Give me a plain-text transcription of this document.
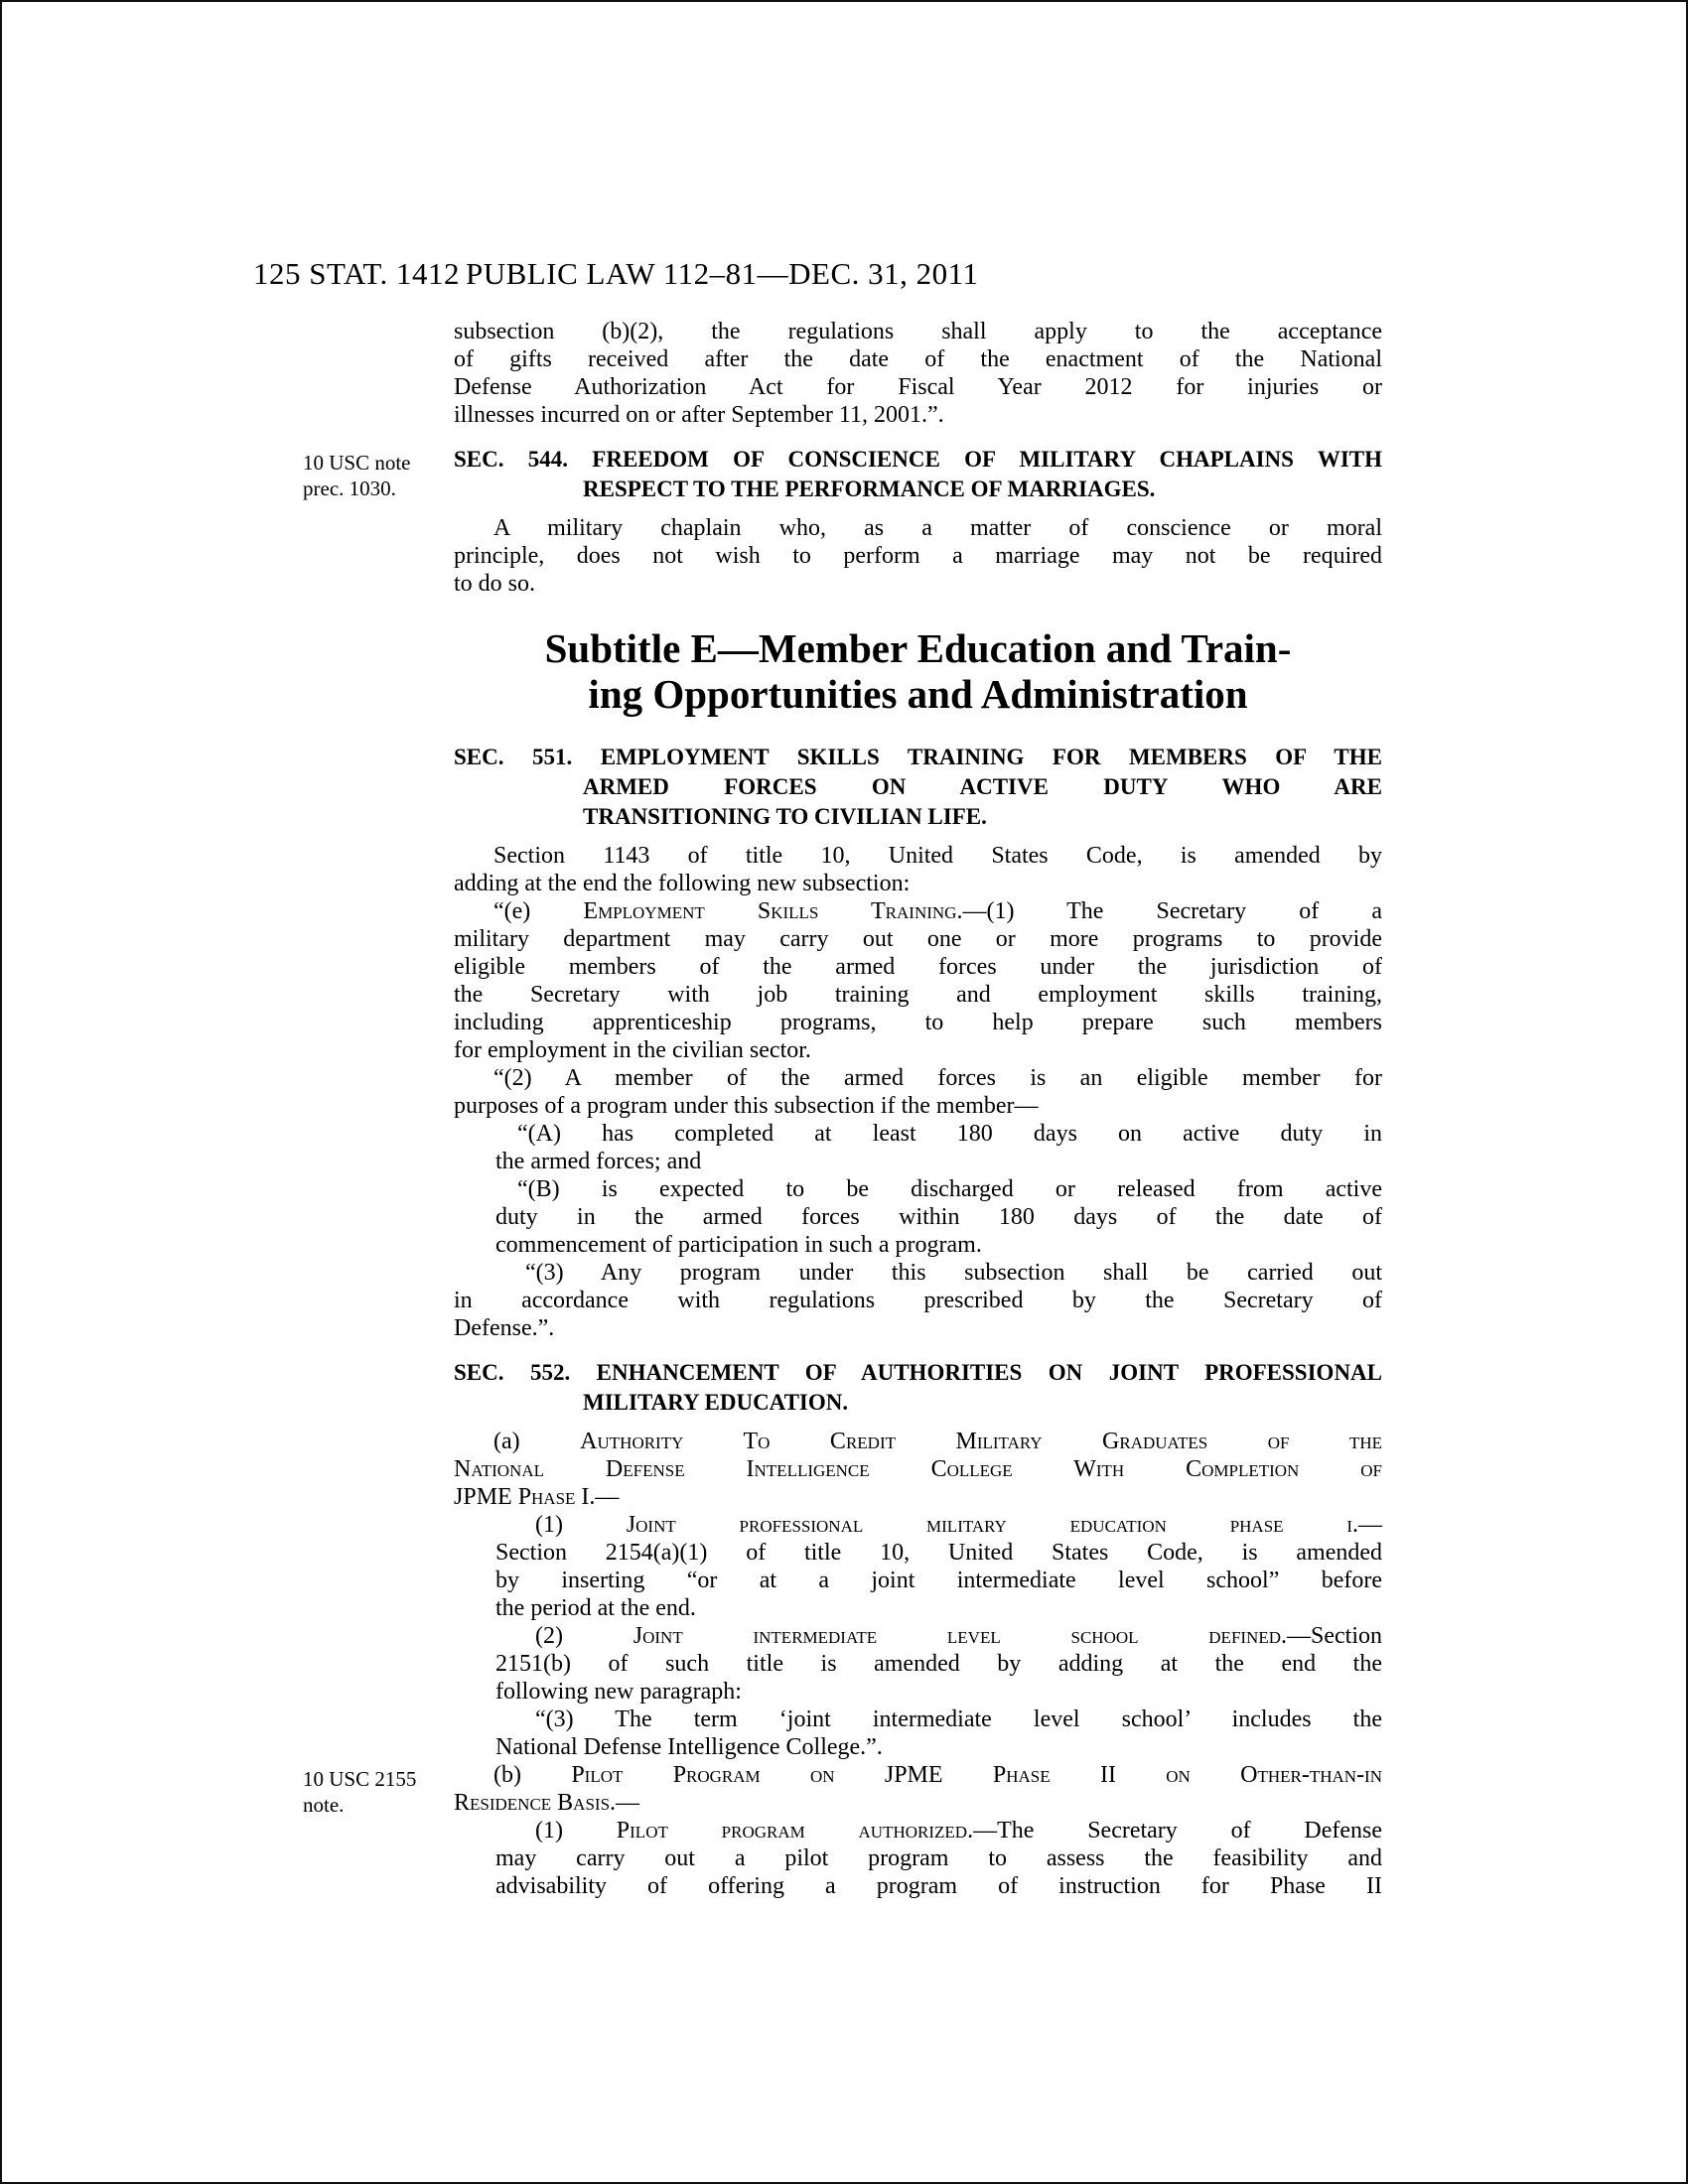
125 STAT. 1412 PUBLIC LAW 112–81—DEC. 31, 2011
subsection (b)(2), the regulations shall apply to the acceptance
of gifts received after the date of the enactment of the National
Defense Authorization Act for Fiscal Year 2012 for injuries or
illnesses incurred on or after September 11, 2001.”.
SEC. 544. FREEDOM OF CONSCIENCE OF MILITARY CHAPLAINS WITH
RESPECT TO THE PERFORMANCE OF MARRIAGES.
A military chaplain who, as a matter of conscience or moral
principle, does not wish to perform a marriage may not be required
to do so.
Subtitle E—Member Education and Train-
ing Opportunities and Administration
SEC. 551. EMPLOYMENT SKILLS TRAINING FOR MEMBERS OF THE
ARMED FORCES ON ACTIVE DUTY WHO ARE
TRANSITIONING TO CIVILIAN LIFE.
Section 1143 of title 10, United States Code, is amended by
adding at the end the following new subsection:
“(e) Employment Skills Training.—(1) The Secretary of a
military department may carry out one or more programs to provide
eligible members of the armed forces under the jurisdiction of
the Secretary with job training and employment skills training,
including apprenticeship programs, to help prepare such members
for employment in the civilian sector.
“(2) A member of the armed forces is an eligible member for
purposes of a program under this subsection if the member—
“(A) has completed at least 180 days on active duty in
the armed forces; and
“(B) is expected to be discharged or released from active
duty in the armed forces within 180 days of the date of
commencement of participation in such a program.
“(3) Any program under this subsection shall be carried out
in accordance with regulations prescribed by the Secretary of
Defense.”.
SEC. 552. ENHANCEMENT OF AUTHORITIES ON JOINT PROFESSIONAL
MILITARY EDUCATION.
(a) Authority To Credit Military Graduates of the
National Defense Intelligence College With Completion of
JPME Phase I.—
(1) Joint professional military education phase i.—
Section 2154(a)(1) of title 10, United States Code, is amended
by inserting “or at a joint intermediate level school” before
the period at the end.
(2) Joint intermediate level school defined.—Section
2151(b) of such title is amended by adding at the end the
following new paragraph:
“(3) The term ‘joint intermediate level school’ includes the
National Defense Intelligence College.”.
(b) Pilot Program on JPME Phase II on Other-than-in
Residence Basis.—
(1) Pilot program authorized.—The Secretary of Defense
may carry out a pilot program to assess the feasibility and
advisability of offering a program of instruction for Phase II
10 USC note
prec. 1030.
10 USC 2155
note.
